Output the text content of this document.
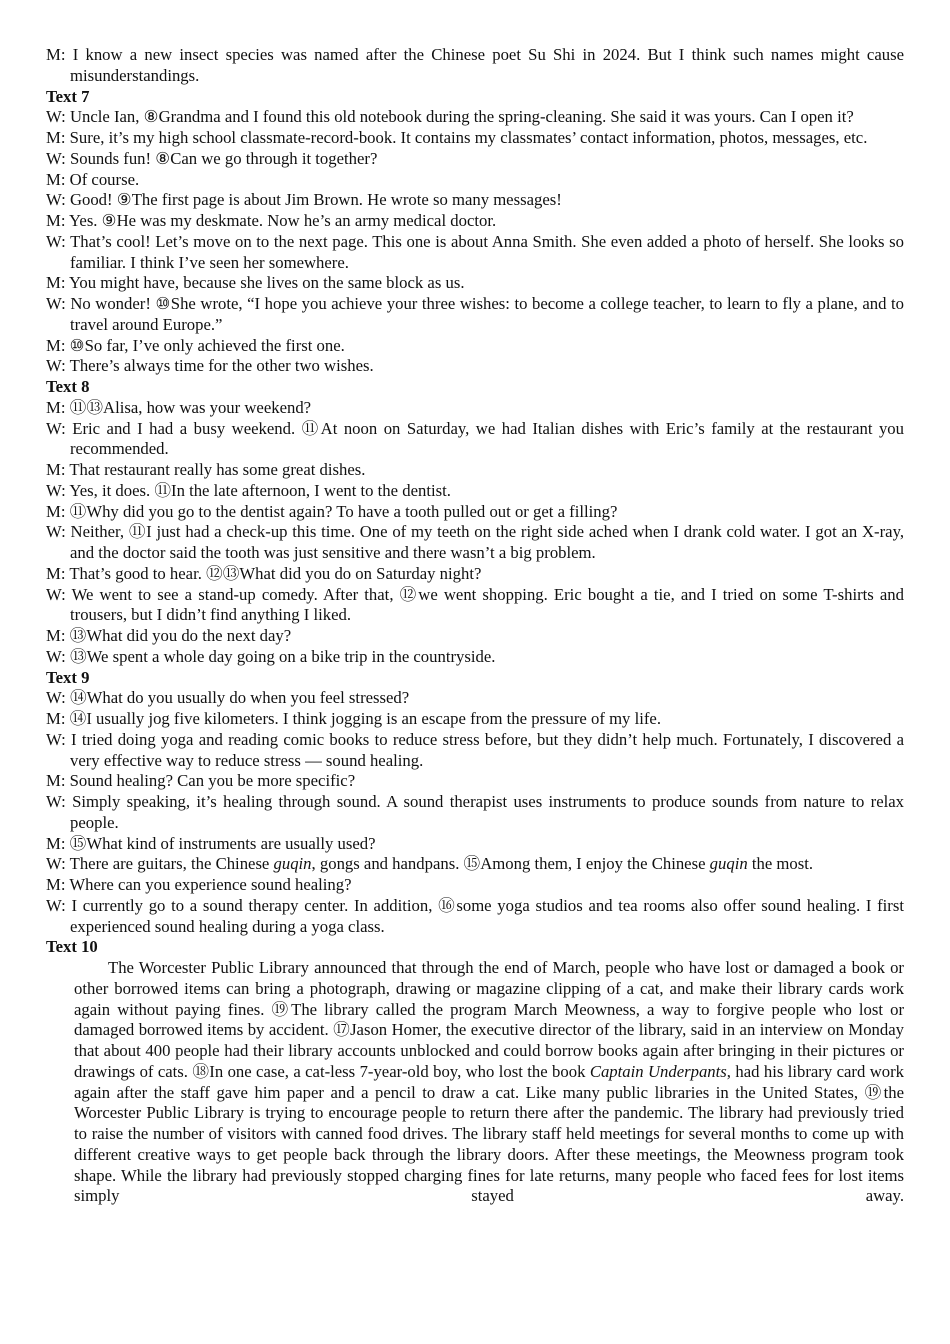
M: I know a new insect species was named after the Chinese poet Su Shi in 2024. But I think such names might cause misunderstandings.
Text 7
W: Uncle Ian, ⑧Grandma and I found this old notebook during the spring-cleaning. She said it was yours. Can I open it?
M: Sure, it’s my high school classmate-record-book. It contains my classmates’ contact information, photos, messages, etc.
W: Sounds fun! ⑧Can we go through it together?
M: Of course.
W: Good! ⑨The first page is about Jim Brown. He wrote so many messages!
M: Yes. ⑨He was my deskmate. Now he’s an army medical doctor.
W: That’s cool! Let’s move on to the next page. This one is about Anna Smith. She even added a photo of herself. She looks so familiar. I think I’ve seen her somewhere.
M: You might have, because she lives on the same block as us.
W: No wonder! ⑩She wrote, “I hope you achieve your three wishes: to become a college teacher, to learn to fly a plane, and to travel around Europe.”
M: ⑩So far, I’ve only achieved the first one.
W: There’s always time for the other two wishes.
Text 8
M: ⑪⑬Alisa, how was your weekend?
W: Eric and I had a busy weekend. ⑪At noon on Saturday, we had Italian dishes with Eric’s family at the restaurant you recommended.
M: That restaurant really has some great dishes.
W: Yes, it does. ⑪In the late afternoon, I went to the dentist.
M: ⑪Why did you go to the dentist again? To have a tooth pulled out or get a filling?
W: Neither, ⑪I just had a check-up this time. One of my teeth on the right side ached when I drank cold water. I got an X-ray, and the doctor said the tooth was just sensitive and there wasn’t a big problem.
M: That’s good to hear. ⑫⑬What did you do on Saturday night?
W: We went to see a stand-up comedy. After that, ⑫we went shopping. Eric bought a tie, and I tried on some T-shirts and trousers, but I didn’t find anything I liked.
M: ⑬What did you do the next day?
W: ⑬We spent a whole day going on a bike trip in the countryside.
Text 9
W: ⑭What do you usually do when you feel stressed?
M: ⑭I usually jog five kilometers. I think jogging is an escape from the pressure of my life.
W: I tried doing yoga and reading comic books to reduce stress before, but they didn’t help much. Fortunately, I discovered a very effective way to reduce stress — sound healing.
M: Sound healing? Can you be more specific?
W: Simply speaking, it’s healing through sound. A sound therapist uses instruments to produce sounds from nature to relax people.
M: ⑮What kind of instruments are usually used?
W: There are guitars, the Chinese guqin, gongs and handpans. ⑮Among them, I enjoy the Chinese guqin the most.
M: Where can you experience sound healing?
W: I currently go to a sound therapy center. In addition, ⑯some yoga studios and tea rooms also offer sound healing. I first experienced sound healing during a yoga class.
Text 10
The Worcester Public Library announced that through the end of March, people who have lost or damaged a book or other borrowed items can bring a photograph, drawing or magazine clipping of a cat, and make their library cards work again without paying fines. ⑲The library called the program March Meowness, a way to forgive people who lost or damaged borrowed items by accident. ⑰Jason Homer, the executive director of the library, said in an interview on Monday that about 400 people had their library accounts unblocked and could borrow books again after bringing in their pictures or drawings of cats. ⑱In one case, a cat-less 7-year-old boy, who lost the book Captain Underpants, had his library card work again after the staff gave him paper and a pencil to draw a cat. Like many public libraries in the United States, ⑲the Worcester Public Library is trying to encourage people to return there after the pandemic. The library had previously tried to raise the number of visitors with canned food drives. The library staff held meetings for several months to come up with different creative ways to get people back through the library doors. After these meetings, the Meowness program took shape. While the library had previously stopped charging fines for late returns, many people who faced fees for lost items simply stayed away.
